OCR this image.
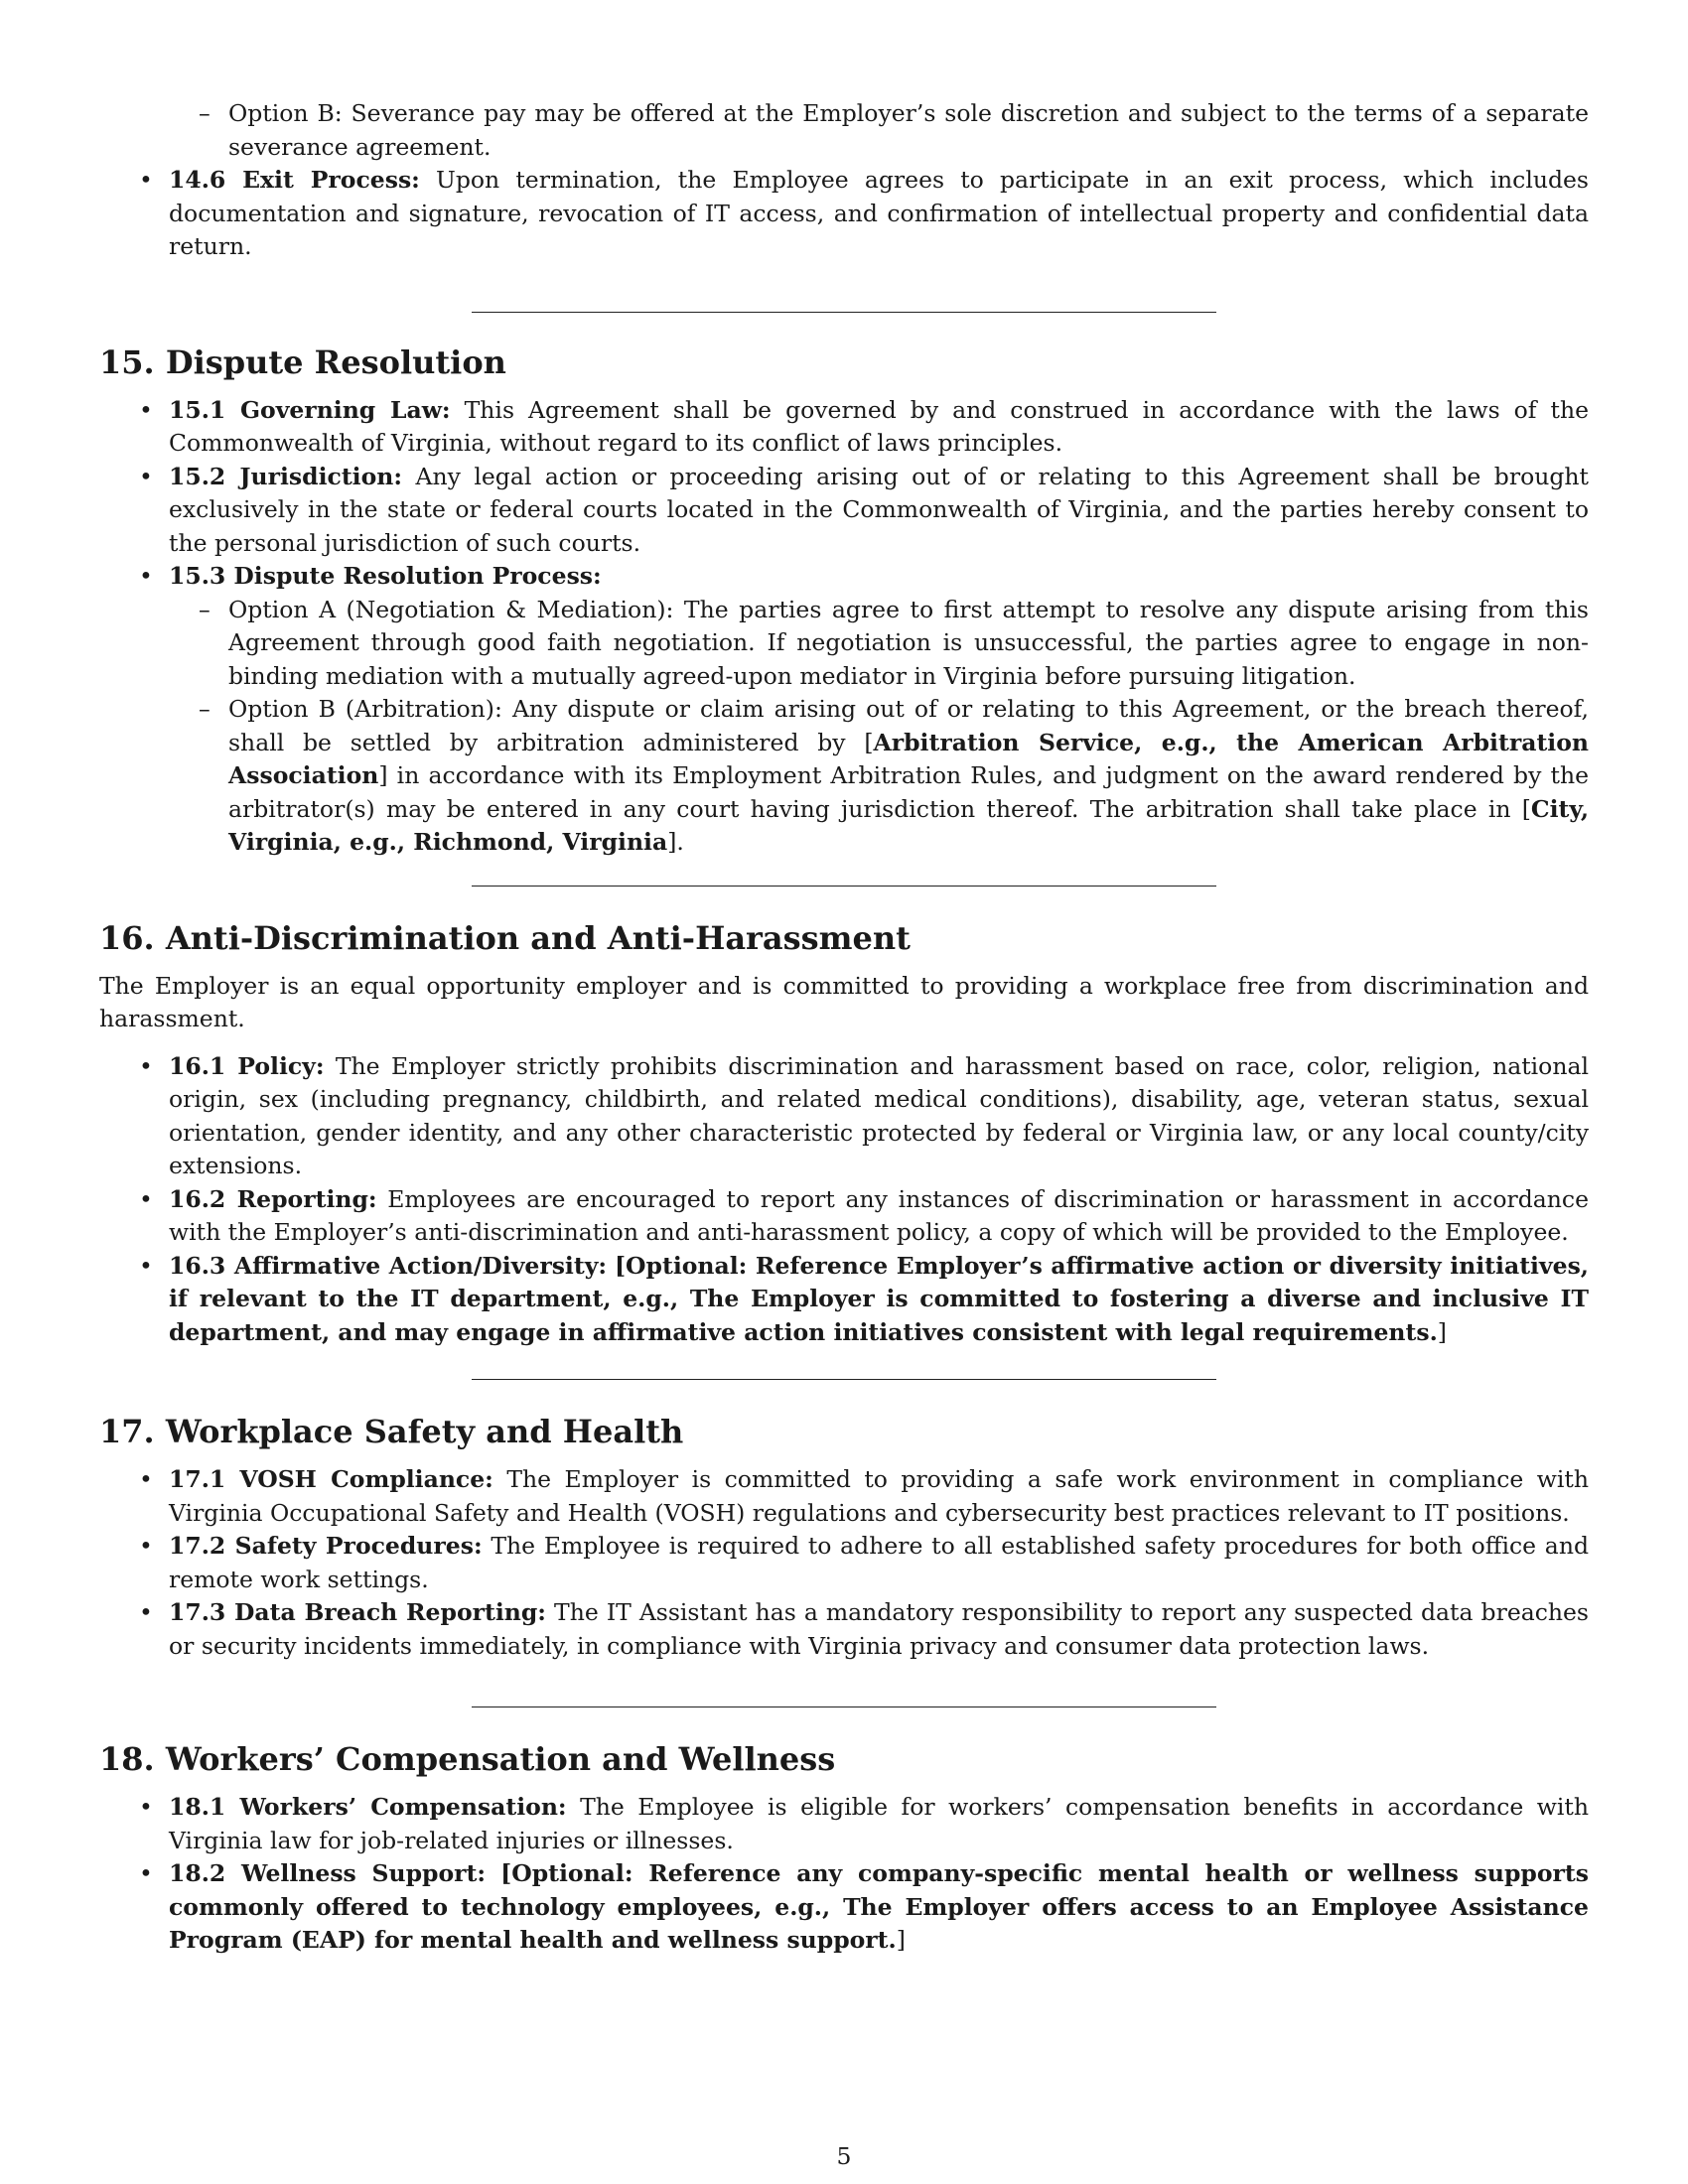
– Option B: Severance pay may be offered at the Employer’s sole discretion and subject to the terms of a separate severance agreement.
• 14.6 Exit Process: Upon termination, the Employee agrees to participate in an exit process, which includes documentation and signature, revocation of IT access, and confirmation of intellectual property and confidential data return.
15. Dispute Resolution
• 15.1 Governing Law: This Agreement shall be governed by and construed in accordance with the laws of the Commonwealth of Virginia, without regard to its conflict of laws principles.
• 15.2 Jurisdiction: Any legal action or proceeding arising out of or relating to this Agreement shall be brought exclusively in the state or federal courts located in the Commonwealth of Virginia, and the parties hereby consent to the personal jurisdiction of such courts.
• 15.3 Dispute Resolution Process:
– Option A (Negotiation & Mediation): The parties agree to first attempt to resolve any dispute arising from this Agreement through good faith negotiation. If negotiation is unsuccessful, the parties agree to engage in non-binding mediation with a mutually agreed-upon mediator in Virginia before pursuing litigation.
– Option B (Arbitration): Any dispute or claim arising out of or relating to this Agreement, or the breach thereof, shall be settled by arbitration administered by [Arbitration Service, e.g., the American Arbitration Association] in accordance with its Employment Arbitration Rules, and judgment on the award rendered by the arbitrator(s) may be entered in any court having jurisdiction thereof. The arbitration shall take place in [City, Virginia, e.g., Richmond, Virginia].
16. Anti-Discrimination and Anti-Harassment

The Employer is an equal opportunity employer and is committed to providing a workplace free from discrimination and harassment.

• 16.1 Policy: The Employer strictly prohibits discrimination and harassment based on race, color, religion, national origin, sex (including pregnancy, childbirth, and related medical conditions), disability, age, veteran status, sexual orientation, gender identity, and any other characteristic protected by federal or Virginia law, or any local county/city extensions.
• 16.2 Reporting: Employees are encouraged to report any instances of discrimination or harassment in accordance with the Employer’s anti-discrimination and anti-harassment policy, a copy of which will be provided to the Employee.
• 16.3 Affirmative Action/Diversity: [Optional: Reference Employer’s affirmative action or diversity initiatives, if relevant to the IT department, e.g., The Employer is committed to fostering a diverse and inclusive IT department, and may engage in affirmative action initiatives consistent with legal requirements.]
17. Workplace Safety and Health
• 17.1 VOSH Compliance: The Employer is committed to providing a safe work environment in compliance with Virginia Occupational Safety and Health (VOSH) regulations and cybersecurity best practices relevant to IT positions.
• 17.2 Safety Procedures: The Employee is required to adhere to all established safety procedures for both office and remote work settings.
• 17.3 Data Breach Reporting: The IT Assistant has a mandatory responsibility to report any suspected data breaches or security incidents immediately, in compliance with Virginia privacy and consumer data protection laws.
18. Workers’ Compensation and Wellness
• 18.1 Workers’ Compensation: The Employee is eligible for workers’ compensation benefits in accordance with Virginia law for job-related injuries or illnesses.
• 18.2 Wellness Support: [Optional: Reference any company-specific mental health or wellness supports commonly offered to technology employees, e.g., The Employer offers access to an Employee Assistance Program (EAP) for mental health and wellness support.]
5
